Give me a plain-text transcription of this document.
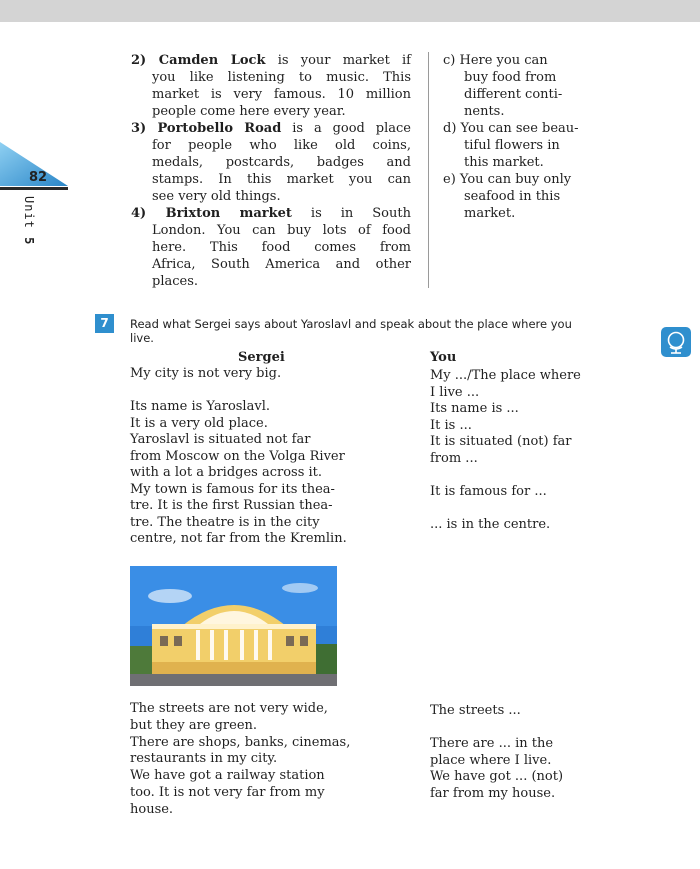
82
Unit 5
2) Camden Lock is your market if
you like listening to music. This
market is very famous. 10 million
people come here every year.
3) Portobello Road is a good place
for people who like old coins,
medals, postcards, badges and
stamps. In this market you can
see very old things.
4) Brixton market is in South
London. You can buy lots of food
here. This food comes from
Africa, South America and other
places.
c) Here you can
buy food from
different conti-
nents.
d) You can see beau-
tiful flowers in
this market.
e) You can buy only
seafood in this
market.
7	Read what Sergei says about Yaroslavl and speak about the place where you
live.
Sergei	You
My city is not very big.
Its name is Yaroslavl.
It is a very old place.
Yaroslavl is situated not far
from Moscow on the Volga River
with a lot a bridges across it.
My town is famous for its thea-
tre. It is the first Russian thea-
tre. The theatre is in the city
centre, not far from the Kremlin.
My .../The place where
I live ...
Its name is ...
It is ...
It is situated (not) far
from ...
It is famous for ...
... is in the centre.
The streets are not very wide,
but they are green.
There are shops, banks, cinemas,
restaurants in my city.
We have got a railway station
too. It is not very far from my
house.
The streets ...
There are ... in the
place where I live.
We have got ... (not)
far from my house.
